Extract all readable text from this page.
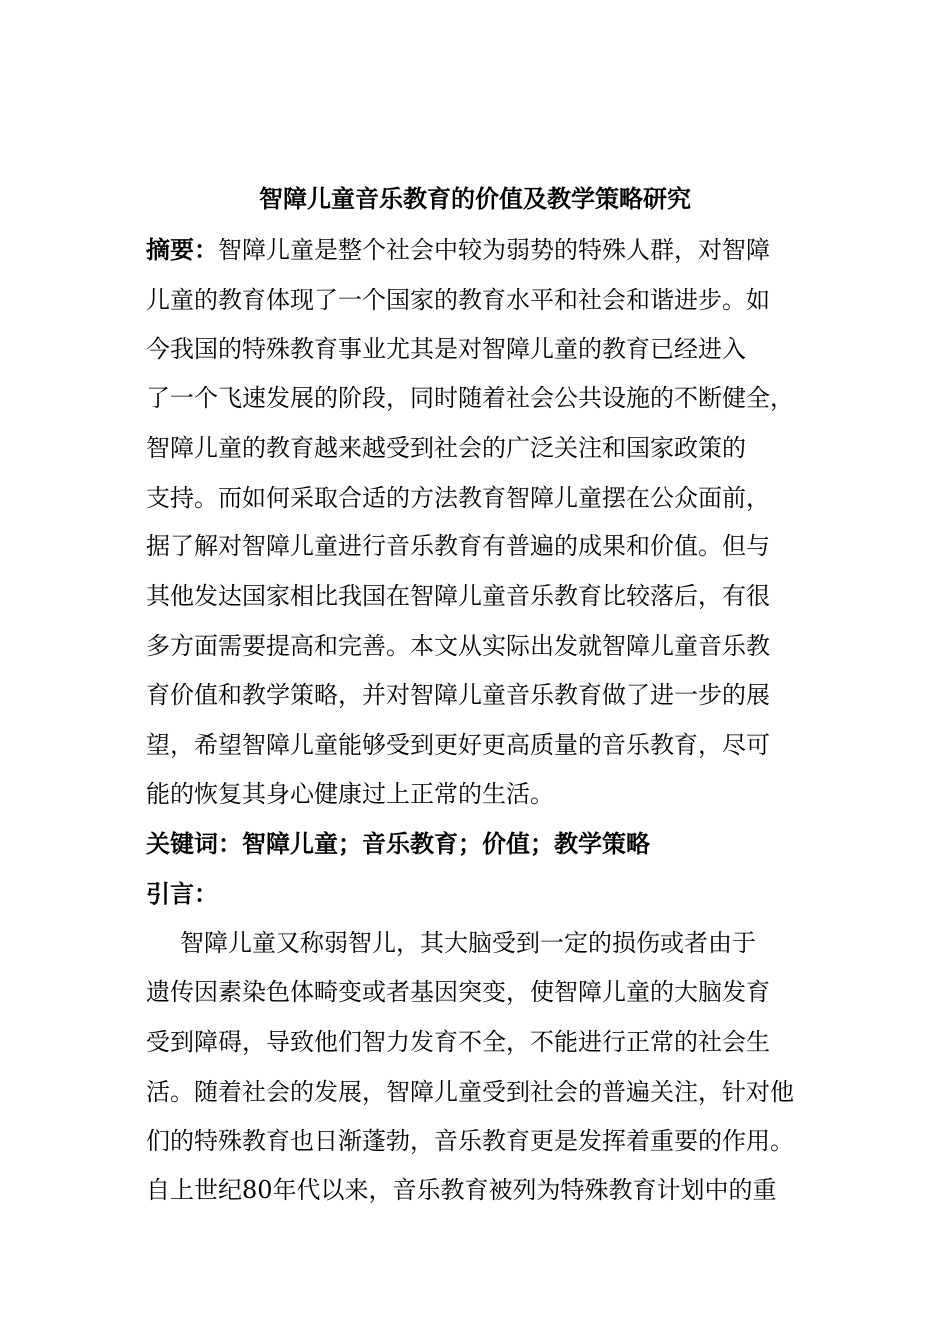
智障儿童音乐教育的价值及教学策略研究
摘要：智障儿童是整个社会中较为弱势的特殊人群，对智障
儿童的教育体现了一个国家的教育水平和社会和谐进步。如
今我国的特殊教育事业尤其是对智障儿童的教育已经进入
了一个飞速发展的阶段，同时随着社会公共设施的不断健全，
智障儿童的教育越来越受到社会的广泛关注和国家政策的
支持。而如何采取合适的方法教育智障儿童摆在公众面前，
据了解对智障儿童进行音乐教育有普遍的成果和价值。但与
其他发达国家相比我国在智障儿童音乐教育比较落后，有很
多方面需要提高和完善。本文从实际出发就智障儿童音乐教
育价值和教学策略，并对智障儿童音乐教育做了进一步的展
望，希望智障儿童能够受到更好更高质量的音乐教育，尽可
能的恢复其身心健康过上正常的生活。
关键词：智障儿童；音乐教育；价值；教学策略
引言：
智障儿童又称弱智儿，其大脑受到一定的损伤或者由于
遗传因素染色体畸变或者基因突变，使智障儿童的大脑发育
受到障碍，导致他们智力发育不全，不能进行正常的社会生
活。随着社会的发展，智障儿童受到社会的普遍关注，针对他
们的特殊教育也日渐蓬勃，音乐教育更是发挥着重要的作用。
自上世纪80年代以来，音乐教育被列为特殊教育计划中的重
